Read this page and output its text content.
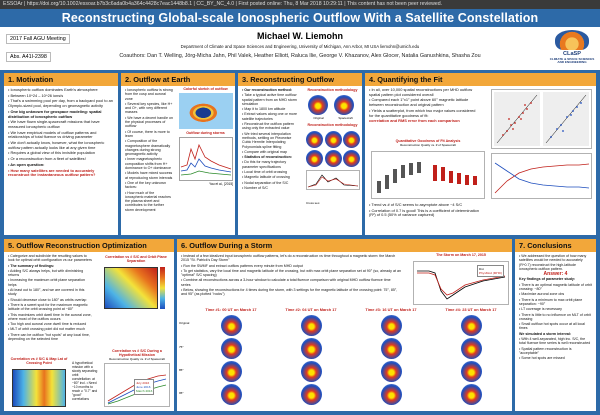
ESSOAr | https://doi.org/10.1002/essoar.b7b3c6ada0b4a364c4428c7eac1448b8.1 | CC_BY_NC_4.0 | First posted online: Thu, 8 Mar 2018 10:29:11 | This content has not been peer reviewed.
Reconstructing Global-scale Ionospheric Outflow With a Satellite Constellation
2017 Fall AGU Meeting
Abs. A41I-2398
Michael W. Liemohn
Department of Climate and Space Sciences and Engineering, University of Michigan, Ann Arbor, MI USA liemohn@umich.edu
Coauthors: Dan T. Welling, Jörg-Micha Jahn, Phil Valek, Heather Elliott, Raluca Ilie, George V. Khazanov, Alex Glocer, Natalia Ganushkina, Shasha Zou	CLaSP
CLIMATE & SPACE SCIENCES AND ENGINEERING
1. Motivation

• Ionospheric outflow dominates Earth's atmosphere

• Between 10^24 – 10^26 ions/s

• That's a swimming pool per day, from a backyard pool to an Olympic-sized pool, depending on geomagnetic activity

• One big unknown for geospace modeling: spatial distribution of ionospheric outflow

• We have flown single-spacecraft missions that have measured ionospheric outflow

• We have empirical models of outflow patterns and relationships of total fluence vs driving parameter

• We don't actually know, however, what the ionospheric outflow pattern actually looks like at any given time

• Requires a global view of this invisible population

• Or a reconstruction from a fleet of satellites!

• An open question:

• How many satellites are needed to accurately reconstruct the instantaneous outflow pattern?

2. Outflow at Earth

• Ionospheric outflow is strong from the cusp and auroral zone

• Several key species, like H+ and O+, with very different masses

• We have a decent handle on the physical processes of outflow

• Of course, there is more to learn

• Composition of the magnetosphere dramatically changes during strong geomagnetic activity

• Inner magnetospheric composition shifts from H+ dominance to O+ dominance

• Models have mixed success at reproducing storm intervals

• One of the key unknown factors:

• How much of the ionospheric material reaches the plasma sheet and contributes to the further storm development

Colorful sketch of outflow
Outflow during storms
Yau et al., [2015]
3. Reconstructing Outflow

• Our reconstruction method:

• Take a typical active time outflow spatial pattern from an MHD storm simulation

• Map it to 1800 km altitude

• Extract values along one or more satellite trajectories

• Reconstruct the outflow pattern using only the extracted value

• We tried several interpolation methods, settling on Piecewise Cubic Hermite Interpolating Polynomials spline fitting

• Compare with original map

• Statistics of reconstruction:

• Do this for many trajectory parameter specifications

• Local time of orbit crossing

• Magnetic latitude of crossing

• Nodal separation of the S/C

• Number of S/C

Reconstruction methodology
Original	Spacecraft
Reconstruction methodology
Cross sec.
4. Quantifying the Fit

• In all, over 10,000 spatial reconstructions per MHD outflow spatial pattern plot considered overall

• Compared each 1°x1° point above 60° magnetic latitude between reconstruction and original pattern

• Yields a scatterplot, from which two major values considered for the quantitative goodness of fit:

correlation and RMS error from each comparison

Quantitative Goodness of Fit Analysis
Reconstruction Quality vs. # of Spacecraft

• Trend vs # of S/C seems to asymptote above ~4 S/C

• Correlation of 0.7 is good! This is a coefficient of determination (R²) of 0.5 (50% of variance captured)

5. Outflow Reconstruction Optimization

• Categorize and subdivide the resulting values to look for optimal orbit configuration vs our parameters

• The summary of findings:

• Adding S/C always helps, but with diminishing returns

• Increasing the maximum orbit plane separation helps

• At least out to 180°, and we are covered in this study

• Should decrease close to 180° as orbits overlap

• There is a sweet spot for the maximum magnetic latitude of the orbit crossing point at ~80°

• This maximizes orbit dwell time in the auroral zone, where most of the outflow occurs

• Too high and auroral zone dwell time is reduced

• MLT of orbit crossing point did not matter much

• There can be outflow "hot spots" at any local time, depending on the selected time

Correlation vs # S/C and Orbit Plane Separation
Correlation vs # S/C & Map Lat of Crossing Point	A hypothetical mission with a slowly separating orbit constellation: at ~80° incl. • Need ~10 months to reach ≥ "0.7" and "good" correlations

Correlation vs # S/C During a Hypothetical Mission
Reconstruction Quality vs. # of Spacecraft
July 2016
June 2016
March 2016
6. Outflow During a Storm

• Instead of a few idealized input ionospheric outflow patterns, let's do a reconstruction vs time throughout a magnetic storm: the March 2015 "St. Patrick's Day Storm"

• Run the SWMF and extract outflow patterns every minute from MHD output

• To get statistics, vary the local time and magnetic latitude of the crossing, but with max orbit plane separation set at 90° (so, already at an "optimal" S/C spacing)

• Combine all reconstructions across a 3-hour window to calculate a total fluence comparison with original MHD outflow fluence time series

• Below, showing the reconstructions for 4 times during the storm, with 3 settings for the magnetic latitude of the crossing point: 75°, 85°, and 95° (as plotted "rocks")

The Storm on March 17, 2015
Dst
PhysMod (MHD)
Time #1: 00 UT on March 17	Time #2: 04 UT on March 17	Time #3: 16 UT on March 17	Time #4: 23 UT on March 17
Original
75°
85°
95°
7. Conclusions

• We addressed the question of how many satellites would be needed to accurately (R^0.7) reconstruct the high-latitude ionospheric outflow pattern.

Answer: 4

Key findings of parameter study:

• There is an optimal magnetic latitude of orbit crossing: ~80°

• Maximize auroral zone obs

• There is a minimum to max orbit plane separation: ~90°

• LT coverage is necessary

• There is little to no influence on MLT of orbit crossing

• Small outflow hot spots occur at all local times

We simulated a storm interval:

• With 4 well-separated, high inc. S/C, the total fluence time series is well reconstructed

• Spatial pattern reconstruction is "acceptable"

• Some hot spots are missed
